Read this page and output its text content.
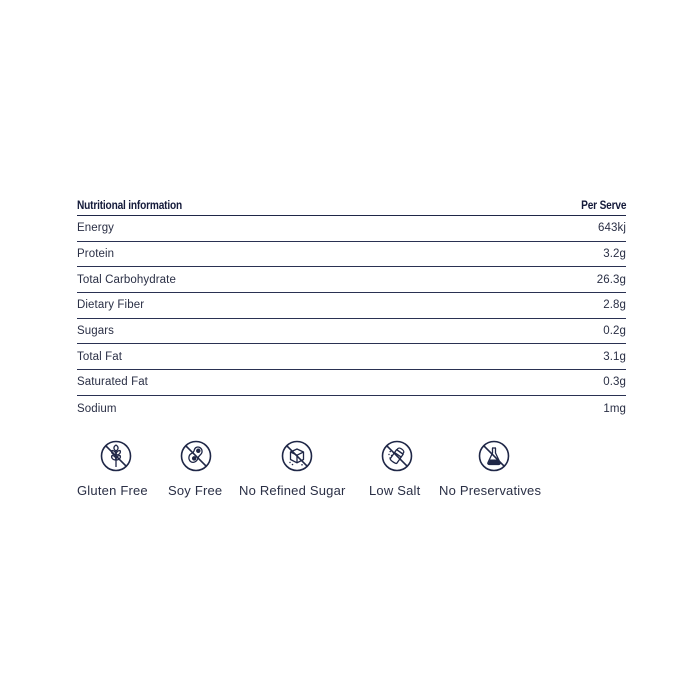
Nutritional information	Per Serve
Energy	643kj
Protein	3.2g
Total Carbohydrate	26.3g
Dietary Fiber	2.8g
Sugars	0.2g
Total Fat	3.1g
Saturated Fat	0.3g
Sodium	1mg
Gluten Free Soy Free No Refined Sugar Low Salt No Preservatives
